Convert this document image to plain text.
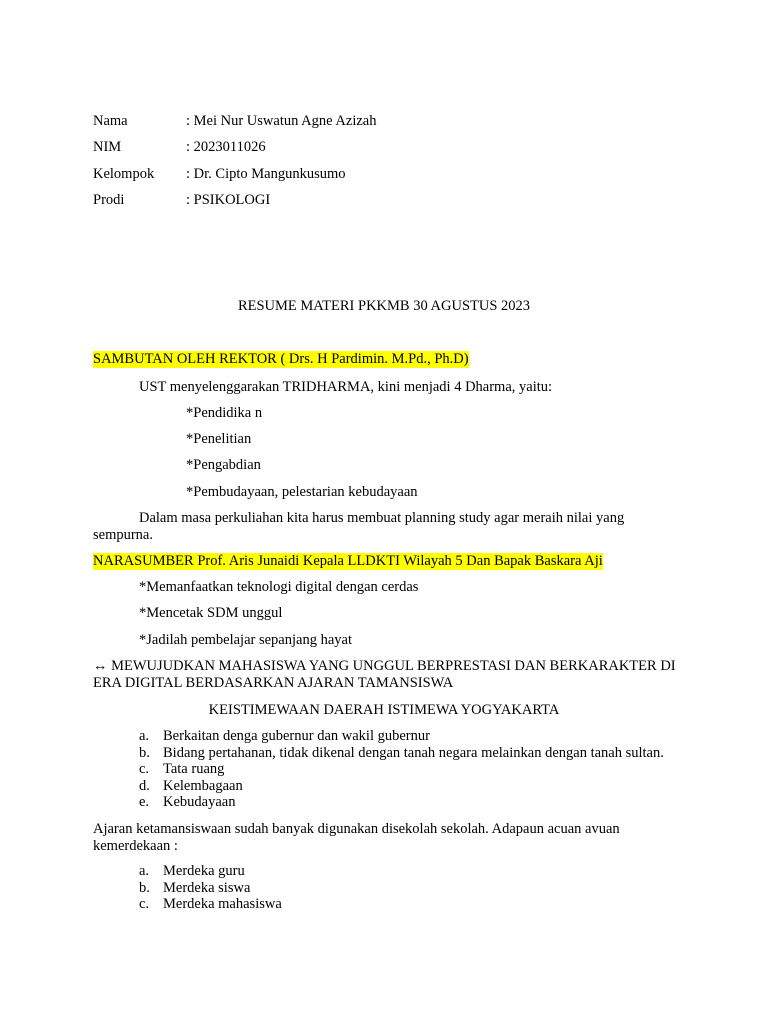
Nama	: Mei Nur Uswatun Agne Azizah
NIM	: 2023011026
Kelompok : Dr. Cipto Mangunkusumo
Prodi	: PSIKOLOGI
RESUME MATERI PKKMB 30 AGUSTUS 2023
SAMBUTAN OLEH REKTOR ( Drs. H Pardimin. M.Pd., Ph.D)
UST menyelenggarakan TRIDHARMA, kini menjadi 4 Dharma, yaitu:
*Pendidika n
*Penelitian
*Pengabdian
*Pembudayaan, pelestarian kebudayaan
Dalam masa perkuliahan kita harus membuat planning study agar meraih nilai yang
sempurna.
NARASUMBER Prof. Aris Junaidi Kepala LLDKTI Wilayah 5 Dan Bapak Baskara Aji
*Memanfaatkan teknologi digital dengan cerdas
*Mencetak SDM unggul
*Jadilah pembelajar sepanjang hayat
↔ MEWUJUDKAN MAHASISWA YANG UNGGUL BERPRESTASI DAN BERKARAKTER DI
ERA DIGITAL BERDASARKAN AJARAN TAMANSISWA
KEISTIMEWAAN DAERAH ISTIMEWA YOGYAKARTA
a. Berkaitan denga gubernur dan wakil gubernur
b. Bidang pertahanan, tidak dikenal dengan tanah negara melainkan dengan tanah sultan.
c. Tata ruang
d. Kelembagaan
e. Kebudayaan
Ajaran ketamansiswaan sudah banyak digunakan disekolah sekolah. Adapaun acuan avuan
kemerdekaan :
a. Merdeka guru
b. Merdeka siswa
c. Merdeka mahasiswa
